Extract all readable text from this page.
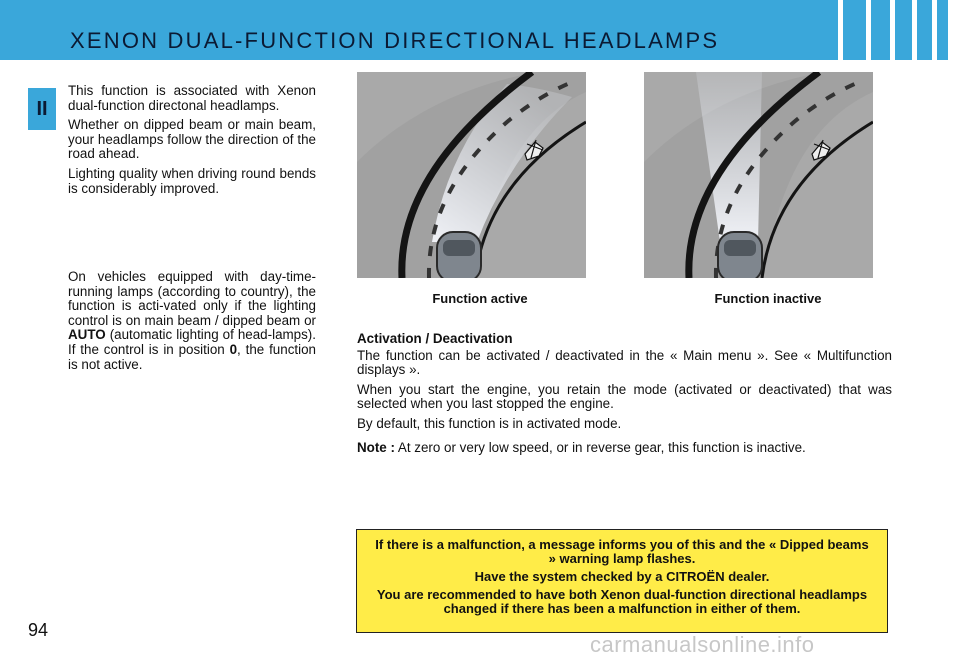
XENON DUAL-FUNCTION DIRECTIONAL HEADLAMPS
II

This function is associated with Xenon dual-function directonal headlamps.

Whether on dipped beam or main beam, your headlamps follow the direction of the road ahead.

Lighting quality when driving round bends is considerably improved.

On vehicles equipped with day-time-running lamps (according to country), the function is acti-vated only if the lighting control is on main beam / dipped beam or AUTO (automatic lighting of head-lamps). If the control is in position 0, the function is not active.

Function active	Function inactive

Activation / Deactivation

The function can be activated / deactivated in the « Main menu ». See « Multifunction displays ».

When you start the engine, you retain the mode (activated or deactivated) that was selected when you last stopped the engine.

By default, this function is in activated mode.

Note : At zero or very low speed, or in reverse gear, this function is inactive.

If there is a malfunction, a message informs you of this and the « Dipped beams » warning lamp flashes.

Have the system checked by a CITROËN dealer.

You are recommended to have both Xenon dual-function directional headlamps changed if there has been a malfunction in either of them.

94
carmanualsonline.info
